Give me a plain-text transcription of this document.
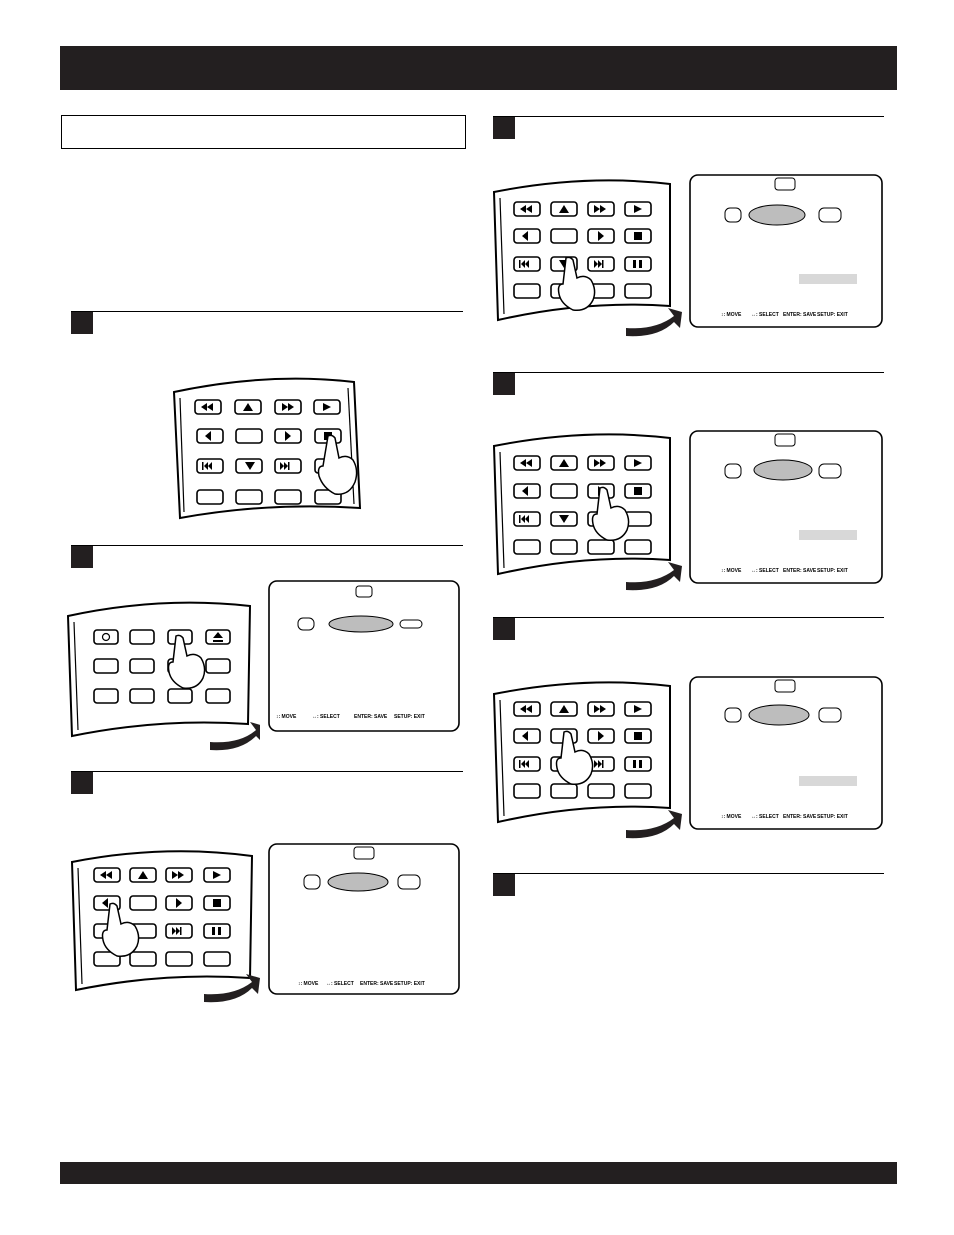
↕: MOVE	↔: SELECT	ENTER: SAVE SETUP: EXIT
↕: MOVE ↔: SELECT ENTER: SAVE SETUP: EXIT
↕: MOVE ↔: SELECT ENTER: SAVE SETUP: EXIT
↕: MOVE ↔: SELECT ENTER: SAVE SETUP: EXIT
↕: MOVE ↔: SELECT ENTER: SAVE SETUP: EXIT
